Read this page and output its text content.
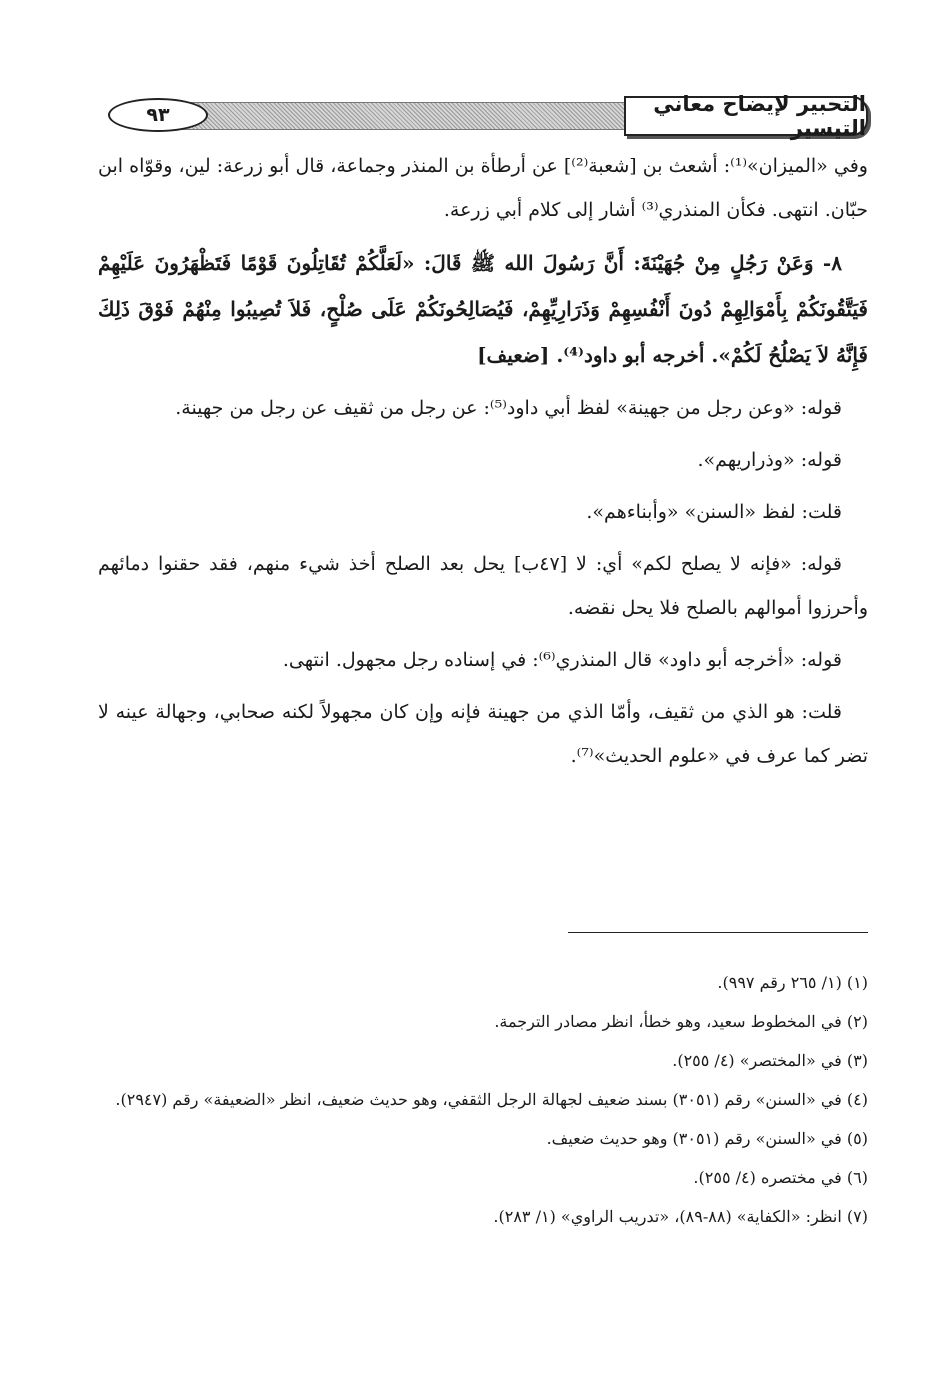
٩٣	التحبير لإيضاح معاني التيسير

وفي «الميزان»⁽¹⁾: أشعث بن [شعبة⁽²⁾] عن أرطأة بن المنذر وجماعة، قال أبو زرعة: لين، وقوّاه ابن حبّان. انتهى. فكأن المنذري⁽³⁾ أشار إلى كلام أبي زرعة.

٨- وَعَنْ رَجُلٍ مِنْ جُهَيْنَةَ: أَنَّ رَسُولَ الله ﷺ قَالَ: «لَعَلَّكُمْ تُقَاتِلُونَ قَوْمًا فَتَظْهَرُونَ عَلَيْهِمْ فَيَتَّقُونَكُمْ بِأَمْوَالِهِمْ دُونَ أَنْفُسِهِمْ وَذَرَارِيِّهِمْ، فَيُصَالِحُونَكُمْ عَلَى صُلْحٍ، فَلاَ تُصِيبُوا مِنْهُمْ فَوْقَ ذَلِكَ فَإِنَّهُ لاَ يَصْلُحُ لَكُمْ». أخرجه أبو داود⁽⁴⁾. [ضعيف]

قوله: «وعن رجل من جهينة» لفظ أبي داود⁽⁵⁾: عن رجل من ثقيف عن رجل من جهينة.

قوله: «وذراريهم».

قلت: لفظ «السنن» «وأبناءهم».

قوله: «فإنه لا يصلح لكم» أي: لا [٤٧ب] يحل بعد الصلح أخذ شيء منهم، فقد حقنوا دمائهم وأحرزوا أموالهم بالصلح فلا يحل نقضه.

قوله: «أخرجه أبو داود» قال المنذري⁽⁶⁾: في إسناده رجل مجهول. انتهى.

قلت: هو الذي من ثقيف، وأمّا الذي من جهينة فإنه وإن كان مجهولاً لكنه صحابي، وجهالة عينه لا تضر كما عرف في «علوم الحديث»⁽⁷⁾.

(١) (١/ ٢٦٥ رقم ٩٩٧).

(٢) في المخطوط سعيد، وهو خطأ، انظر مصادر الترجمة.

(٣) في «المختصر» (٤/ ٢٥٥).

(٤) في «السنن» رقم (٣٠٥١) بسند ضعيف لجهالة الرجل الثقفي، وهو حديث ضعيف، انظر «الضعيفة» رقم (٢٩٤٧).

(٥) في «السنن» رقم (٣٠٥١) وهو حديث ضعيف.

(٦) في مختصره (٤/ ٢٥٥).

(٧) انظر: «الكفاية» (٨٨-٨٩)، «تدريب الراوي» (١/ ٢٨٣).
